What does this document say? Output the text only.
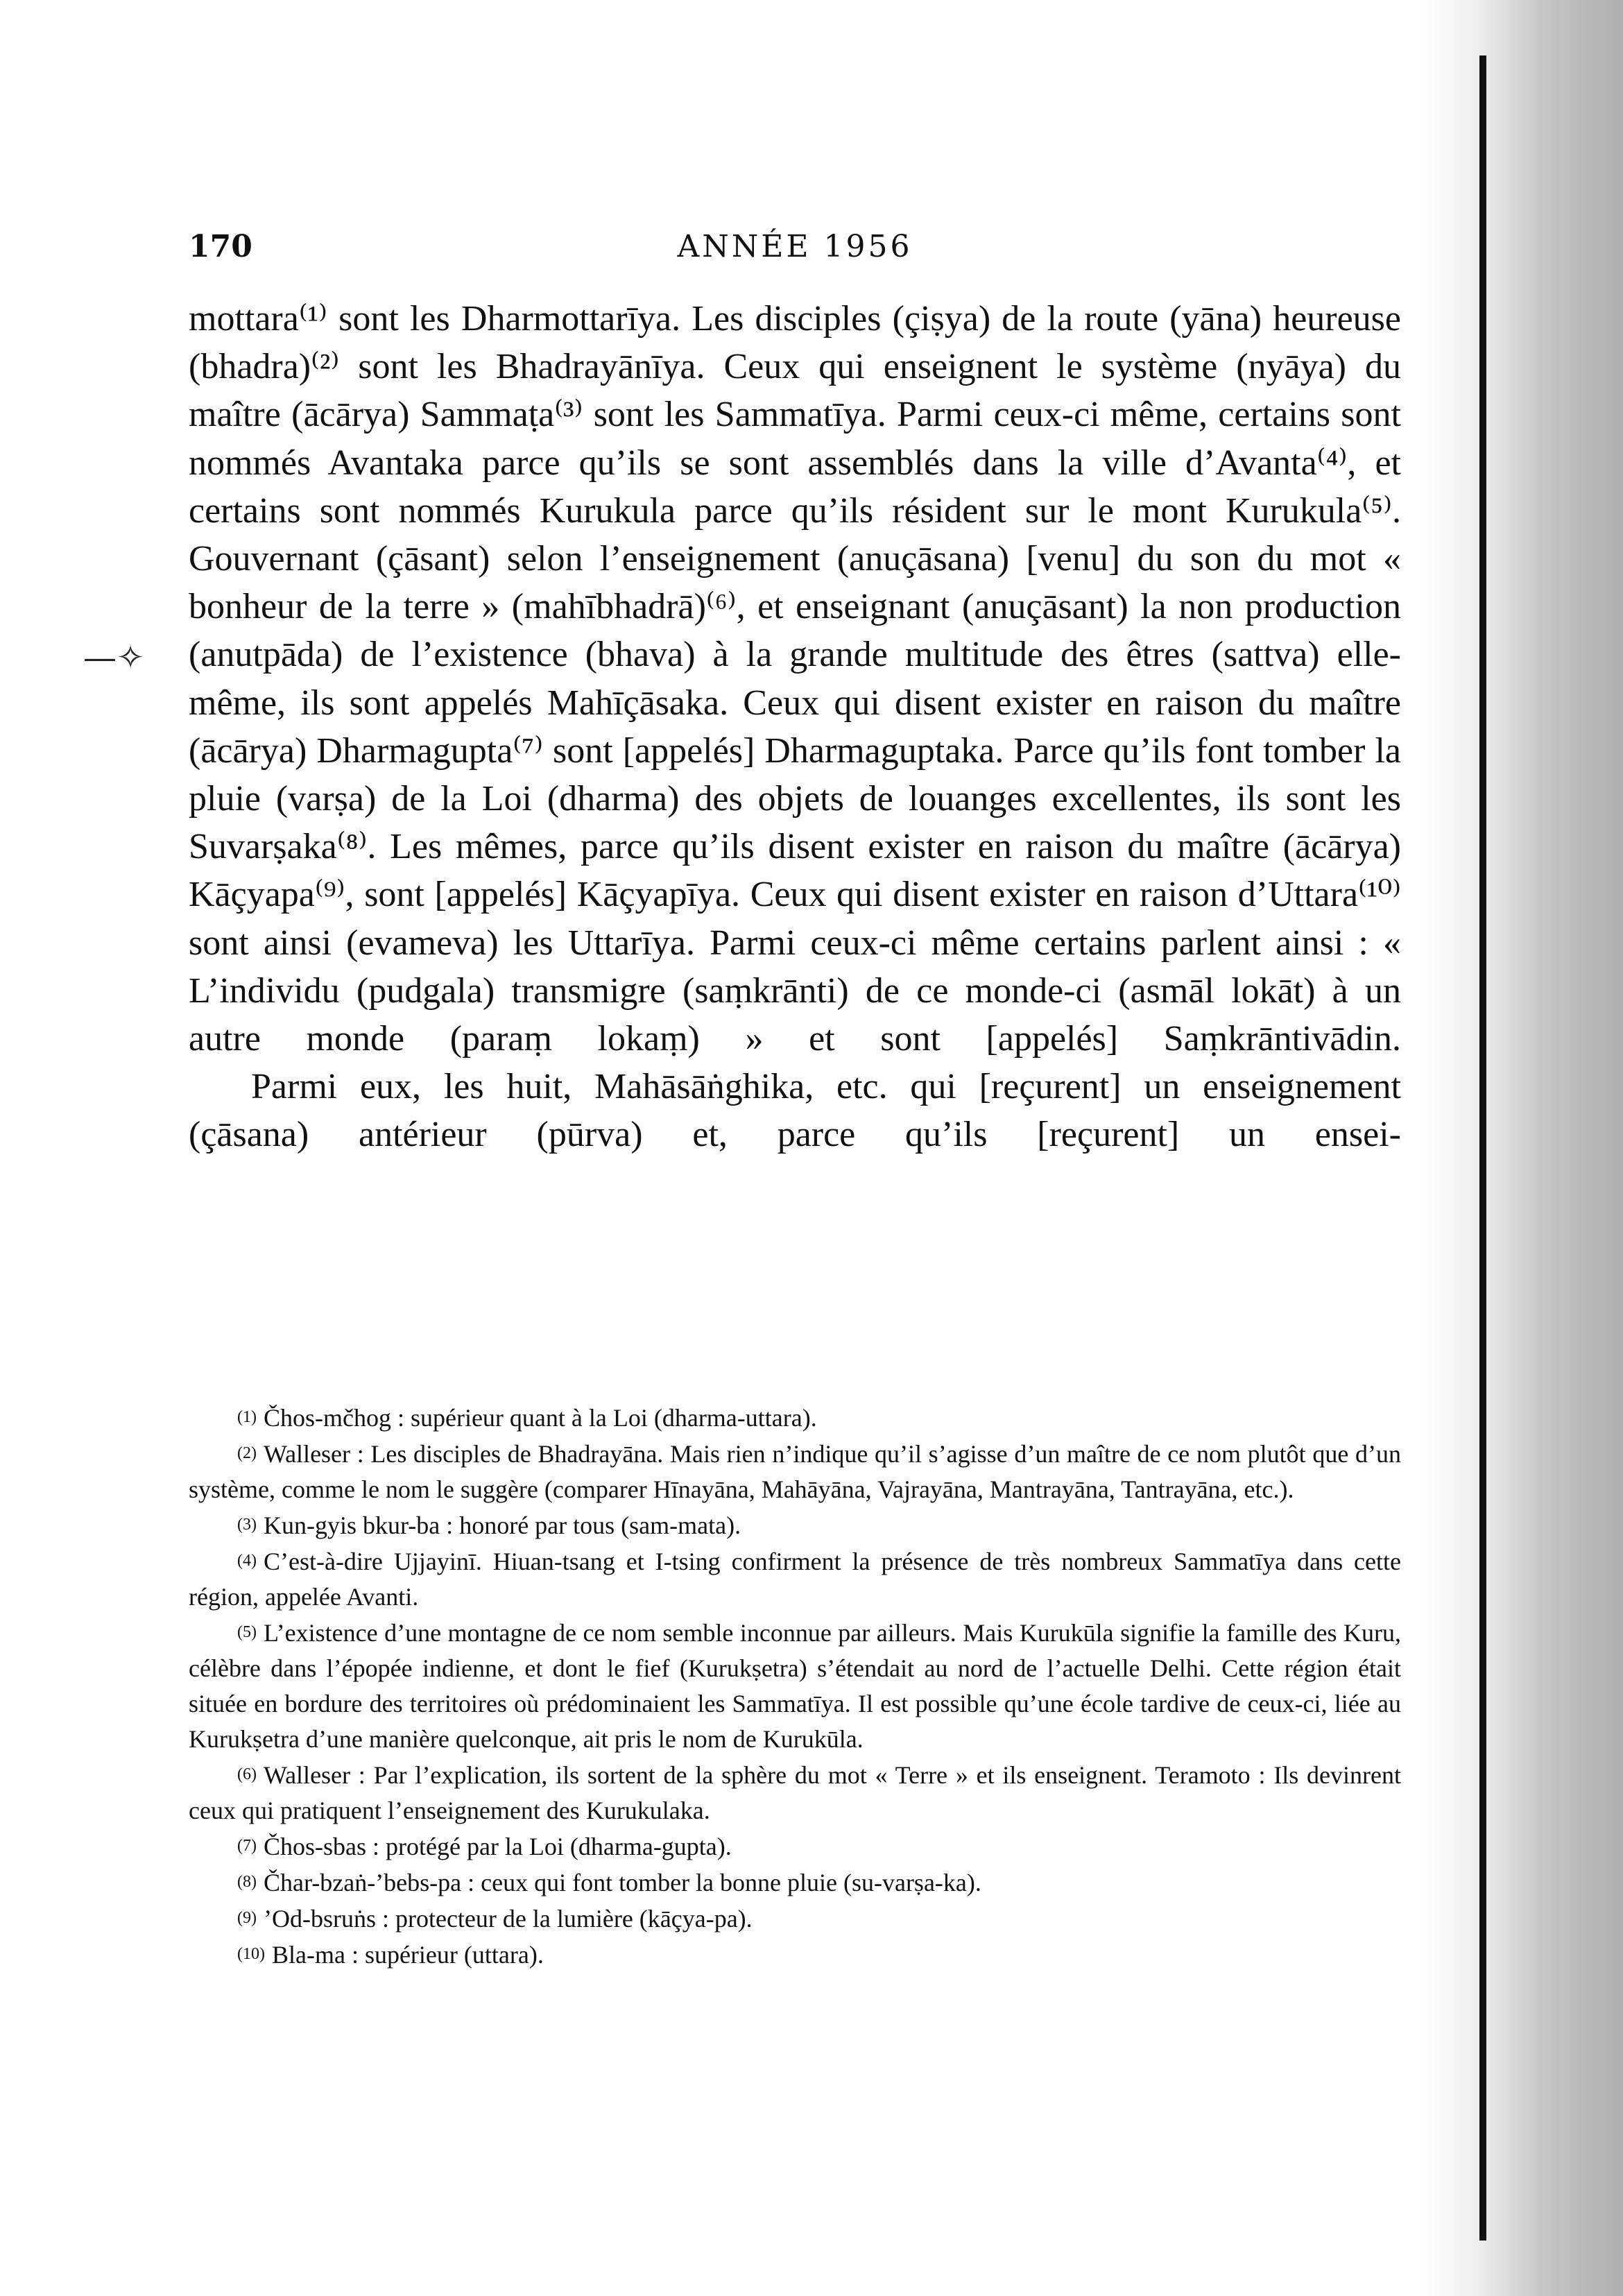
—✧
170	ANNÉE 1956

mottara⁽¹⁾ sont les Dharmottarīya. Les disciples (çiṣya) de la route (yāna) heureuse (bhadra)⁽²⁾ sont les Bhadrayānīya. Ceux qui enseignent le système (nyāya) du maître (ācārya) Sammaṭa⁽³⁾ sont les Sammatīya. Parmi ceux-ci même, certains sont nommés Avantaka parce qu’ils se sont assemblés dans la ville d’Avanta⁽⁴⁾, et certains sont nommés Kurukula parce qu’ils résident sur le mont Kurukula⁽⁵⁾. Gouvernant (çāsant) selon l’enseignement (anuçāsana) [venu] du son du mot « bonheur de la terre » (mahībhadrā)⁽⁶⁾, et enseignant (anuçāsant) la non production (anutpāda) de l’existence (bhava) à la grande multitude des êtres (sattva) elle-même, ils sont appelés Mahīçāsaka. Ceux qui disent exister en raison du maître (ācārya) Dharmagupta⁽⁷⁾ sont [appelés] Dharmaguptaka. Parce qu’ils font tomber la pluie (varṣa) de la Loi (dharma) des objets de louanges excellentes, ils sont les Suvarṣaka⁽⁸⁾. Les mêmes, parce qu’ils disent exister en raison du maître (ācārya) Kāçyapa⁽⁹⁾, sont [appelés] Kāçyapīya. Ceux qui disent exister en raison d’Uttara⁽¹⁰⁾ sont ainsi (evameva) les Uttarīya. Parmi ceux-ci même certains parlent ainsi : « L’individu (pudgala) transmigre (saṃkrānti) de ce monde-ci (asmāl lokāt) à un autre monde (paraṃ lokaṃ) » et sont [appelés] Saṃkrāntivādin.

Parmi eux, les huit, Mahāsāṅghika, etc. qui [reçurent] un enseignement (çāsana) antérieur (pūrva) et, parce qu’ils [reçurent] un ensei-

(1) Čhos-mčhog : supérieur quant à la Loi (dharma-uttara).

(2) Walleser : Les disciples de Bhadrayāna. Mais rien n’indique qu’il s’agisse d’un maître de ce nom plutôt que d’un système, comme le nom le suggère (comparer Hīnayāna, Mahāyāna, Vajrayāna, Mantrayāna, Tantrayāna, etc.).

(3) Kun-gyis bkur-ba : honoré par tous (sam-mata).

(4) C’est-à-dire Ujjayinī. Hiuan-tsang et I-tsing confirment la présence de très nombreux Sammatīya dans cette région, appelée Avanti.

(5) L’existence d’une montagne de ce nom semble inconnue par ailleurs. Mais Kurukūla signifie la famille des Kuru, célèbre dans l’épopée indienne, et dont le fief (Kurukṣetra) s’étendait au nord de l’actuelle Delhi. Cette région était située en bordure des territoires où prédominaient les Sammatīya. Il est possible qu’une école tardive de ceux-ci, liée au Kurukṣetra d’une manière quelconque, ait pris le nom de Kurukūla.

(6) Walleser : Par l’explication, ils sortent de la sphère du mot « Terre » et ils enseignent. Teramoto : Ils devinrent ceux qui pratiquent l’enseignement des Kurukulaka.

(7) Čhos-sbas : protégé par la Loi (dharma-gupta).

(8) Čhar-bzaṅ-’bebs-pa : ceux qui font tomber la bonne pluie (su-varṣa-ka).

(9) ’Od-bsruṅs : protecteur de la lumière (kāçya-pa).

(10) Bla-ma : supérieur (uttara).
